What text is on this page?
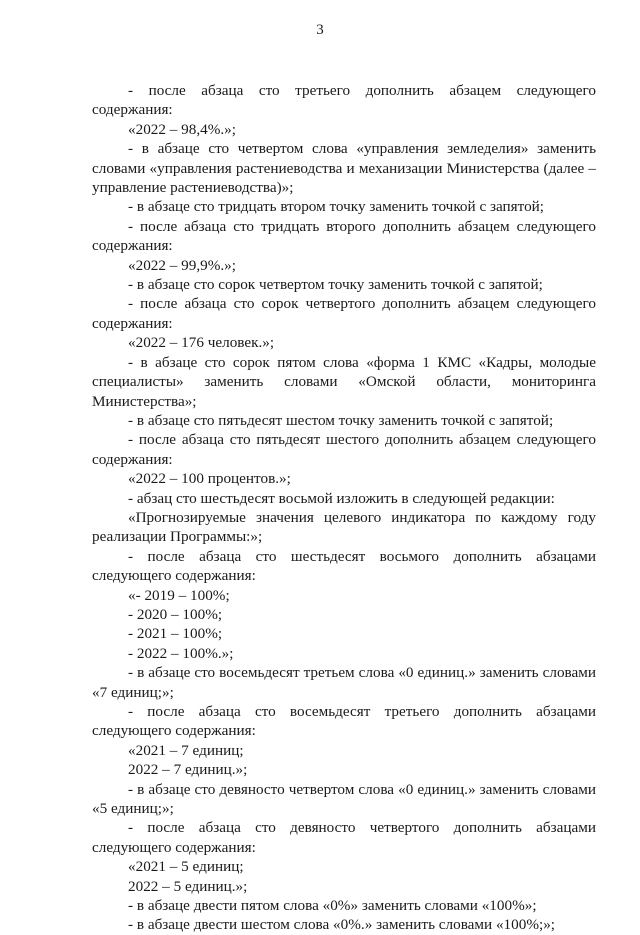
3

- после абзаца сто третьего дополнить абзацем следующего содержания:

«2022 – 98,4%.»;

- в абзаце сто четвертом слова «управления земледелия» заменить словами «управления растениеводства и механизации Министерства (далее – управление растениеводства)»;

- в абзаце сто тридцать втором точку заменить точкой с запятой;

- после абзаца сто тридцать второго дополнить абзацем следующего содержания:

«2022 – 99,9%.»;

- в абзаце сто сорок четвертом точку заменить точкой с запятой;

- после абзаца сто сорок четвертого дополнить абзацем следующего содержания:

«2022 – 176 человек.»;

- в абзаце сто сорок пятом слова «форма 1 КМС «Кадры, молодые специалисты» заменить словами «Омской области, мониторинга Министерства»;

- в абзаце сто пятьдесят шестом точку заменить точкой с запятой;

- после абзаца сто пятьдесят шестого дополнить абзацем следующего содержания:

«2022 – 100 процентов.»;

- абзац сто шестьдесят восьмой изложить в следующей редакции:

«Прогнозируемые значения целевого индикатора по каждому году реализации Программы:»;

- после абзаца сто шестьдесят восьмого дополнить абзацами следующего содержания:

«- 2019 – 100%;

- 2020 – 100%;

- 2021 – 100%;

- 2022 – 100%.»;

- в абзаце сто восемьдесят третьем слова «0 единиц.» заменить словами «7 единиц;»;

- после абзаца сто восемьдесят третьего дополнить абзацами следующего содержания:

«2021 – 7 единиц;

2022 – 7 единиц.»;

- в абзаце сто девяносто четвертом слова «0 единиц.» заменить словами «5 единиц;»;

- после абзаца сто девяносто четвертого дополнить абзацами следующего содержания:

«2021 – 5 единиц;

2022 – 5 единиц.»;

- в абзаце двести пятом слова «0%» заменить словами «100%»;

- в абзаце двести шестом слова «0%.» заменить словами «100%;»;
